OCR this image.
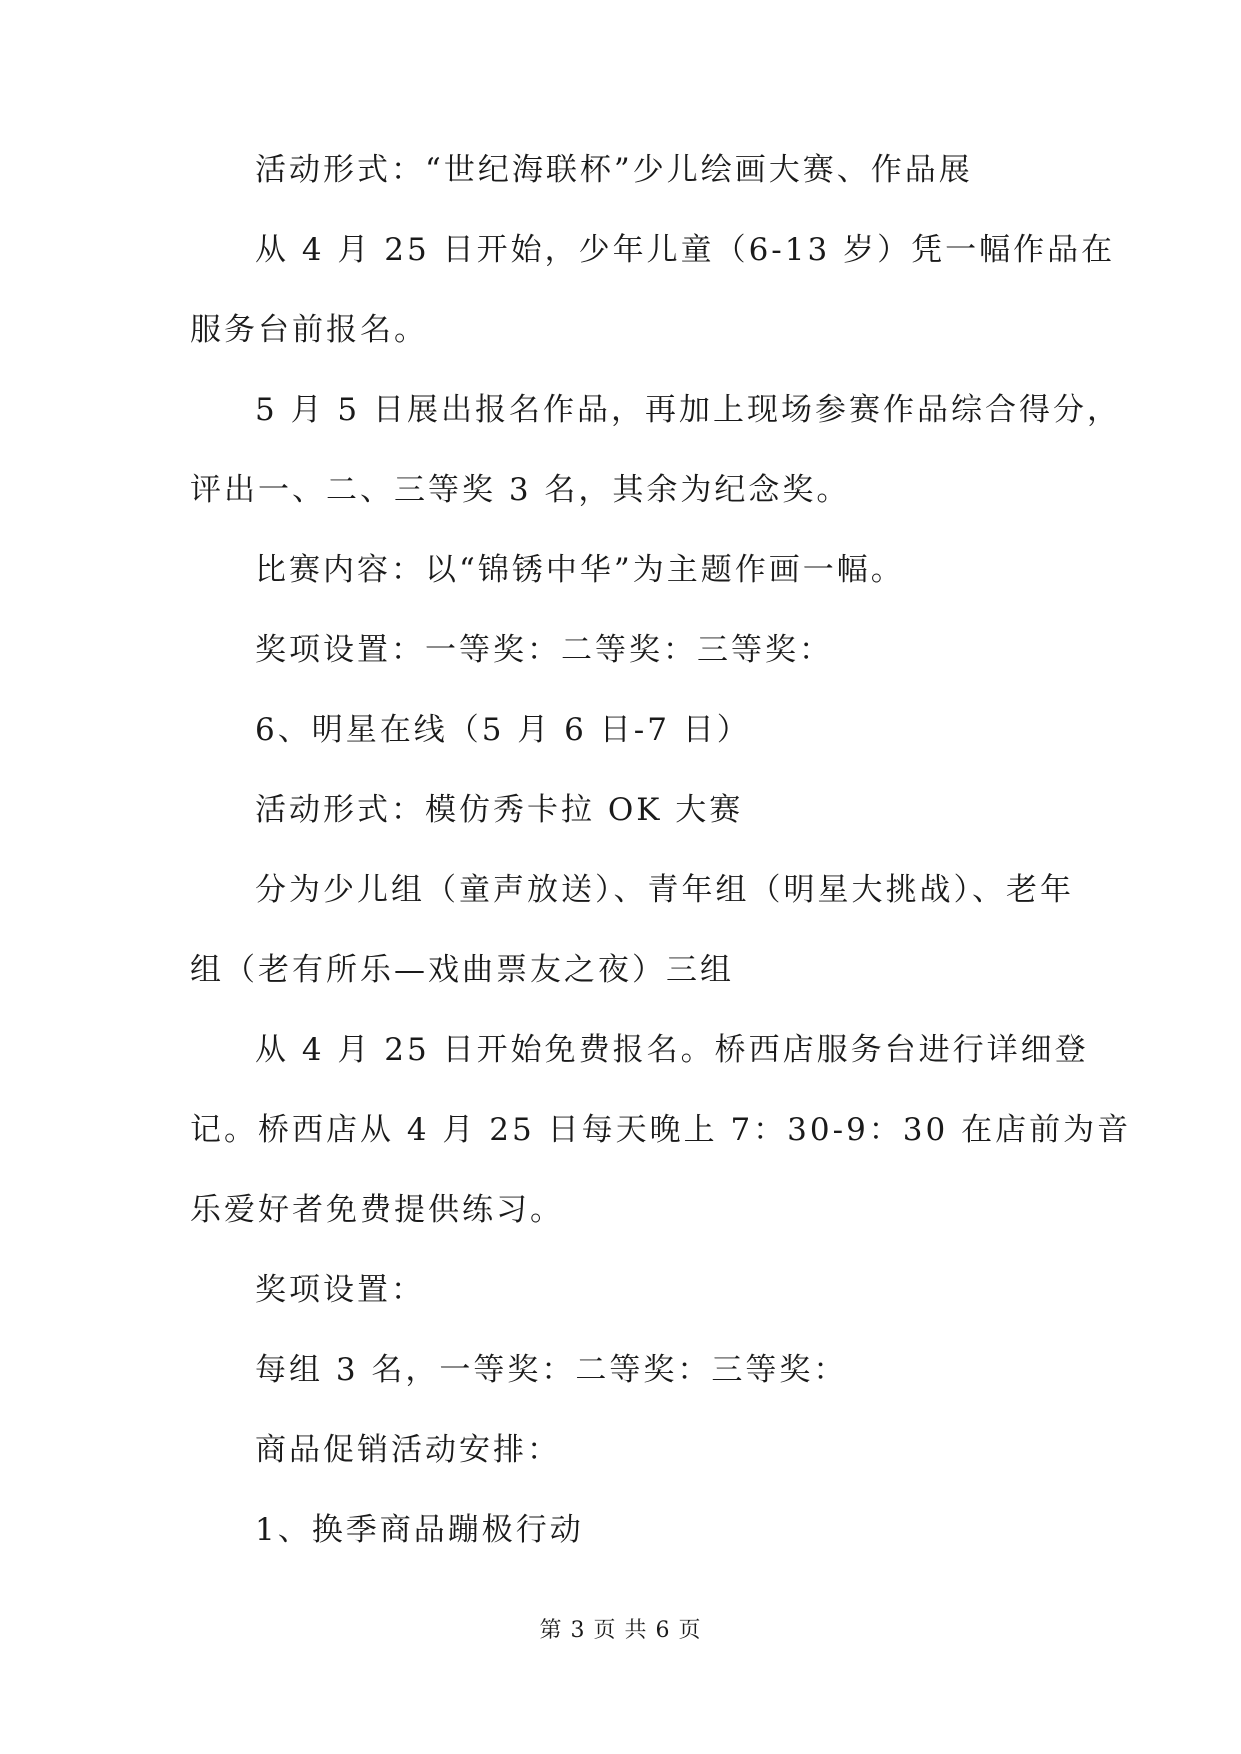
活动形式：“世纪海联杯”少儿绘画大赛、作品展
从 4 月 25 日开始，少年儿童（6-13 岁）凭一幅作品在
服务台前报名。
5 月 5 日展出报名作品，再加上现场参赛作品综合得分，
评出一、二、三等奖 3 名，其余为纪念奖。
比赛内容：以“锦锈中华”为主题作画一幅。
奖项设置：一等奖：二等奖：三等奖：
6、明星在线（5 月 6 日-7 日）
活动形式：模仿秀卡拉 OK 大赛
分为少儿组（童声放送）、青年组（明星大挑战）、老年
组（老有所乐—戏曲票友之夜）三组
从 4 月 25 日开始免费报名。桥西店服务台进行详细登
记。桥西店从 4 月 25 日每天晚上 7：30-9：30 在店前为音
乐爱好者免费提供练习。
奖项设置：
每组 3 名，一等奖：二等奖：三等奖：
商品促销活动安排：
1、换季商品蹦极行动
第 3 页 共 6 页
